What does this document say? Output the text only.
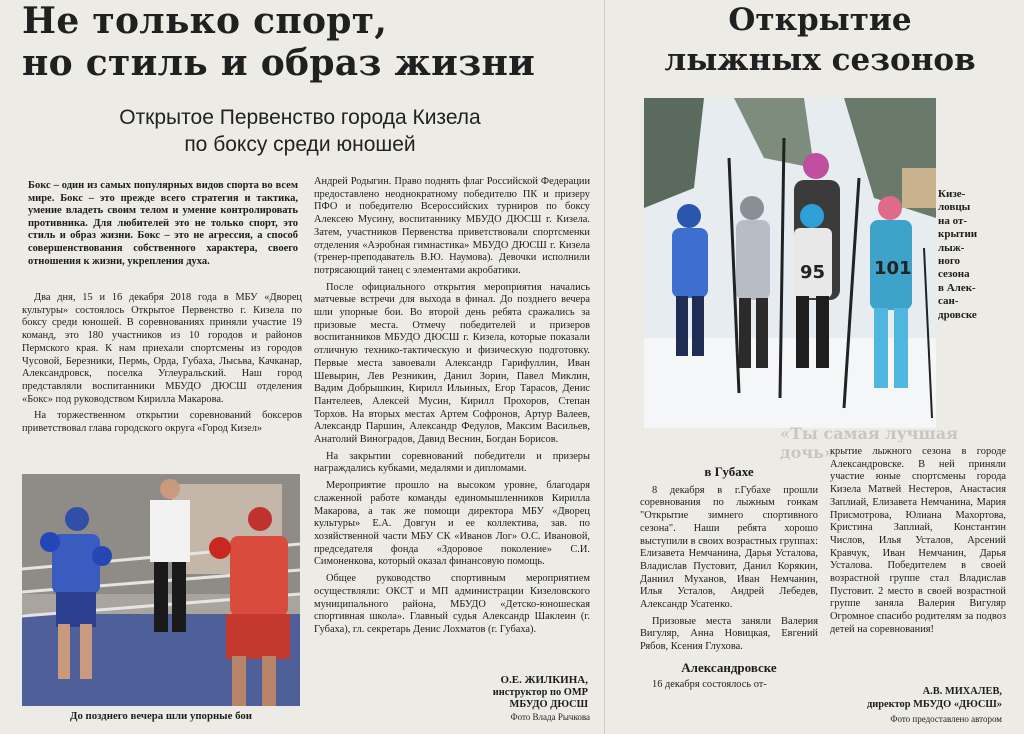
Не только спорт,
но стиль и образ жизни
Открытое Первенство города Кизела
по боксу среди юношей
Бокс – один из самых популярных видов спорта во всем мире. Бокс – это прежде всего стратегия и тактика, умение владеть своим телом и умение контролировать противника. Для любителей это не только спорт, это стиль и образ жизни. Бокс – это не агрессия, а способ совершенствования собственного характера, своего отношения к жизни, укрепления духа.

Два дня, 15 и 16 декабря 2018 года в МБУ «Дворец культуры» состоялось Открытое Первенство г. Кизела по боксу среди юношей. В соревнованиях приняли участие 19 команд, это 180 участников из 10 городов и районов Пермского края. К нам приехали спортсмены из городов Чусовой, Березники, Пермь, Орда, Губаха, Лысьва, Качканар, Александровск, поселка Углеуральский. Наш город представляли воспитанники МБУДО ДЮСШ отделения «Бокс» под руководством Кирилла Макарова.

На торжественном открытии соревнований боксеров приветствовал глава городского округа «Город Кизел»

Андрей Родыгин. Право поднять флаг Российской Федерации предоставлено неоднократному победителю ПК и призеру ПФО и победителю Всероссийских турниров по боксу Алексею Мусину, воспитаннику МБУДО ДЮСШ г. Кизела. Затем, участников Первенства приветствовали спортсменки отделения «Аэробная гимнастика» МБУДО ДЮСШ г. Кизела (тренер-преподаватель В.Ю. Наумова). Девочки исполнили потрясающий танец с элементами акробатики.

После официального открытия мероприятия начались матчевые встречи для выхода в финал. До позднего вечера шли упорные бои. Во второй день ребята сражались за призовые места. Отмечу победителей и призеров воспитанников МБУДО ДЮСШ г. Кизела, которые показали отличную технико-тактическую и физическую подготовку. Первые места завоевали Александр Гарифуллин, Иван Шевырин, Лев Резникин, Данил Зорин, Павел Миклин, Вадим Добрышкин, Кирилл Ильиных, Егор Тарасов, Денис Пантелеев, Алексей Мусин, Кирилл Прохоров, Степан Торхов. На вторых местах Артем Софронов, Артур Валеев, Александр Паршин, Александр Федулов, Максим Васильев, Анатолий Виноградов, Давид Веснин, Богдан Борисов.

На закрытии соревнований победители и призеры награждались кубками, медалями и дипломами.

Мероприятие прошло на высоком уровне, благодаря слаженной работе команды единомышленников Кирилла Макарова, а так же помощи директора МБУ «Дворец культуры» Е.А. Довгун и ее коллектива, зав. по хозяйственной части МБУ СК «Иванов Лог» О.С. Ивановой, председателя фонда «Здоровое поколение» С.И. Симоненкова, который оказал финансовую помощь.

Общее руководство спортивным мероприятием осуществляли: ОКСТ и МП администрации Кизеловского муниципального района, МБУДО «Детско-юношеская спортивная школа». Главный судья Александр Шаклеин (г. Губаха), гл. секретарь Денис Лохматов (г. Губаха).

О.Е. ЖИЛКИНА,
инструктор по ОМР
МБУДО ДЮСШ
До позднего вечера шли упорные бои	Фото Влада Рычкова
Открытие
лыжных сезонов
95	101
Кизе-
ловцы
на от-
крытии
лыж-
ного
сезона
в Алек-
сан-
дровске
«Ты самая лучшая дочь»
в Губахе

8 декабря в г.Губахе прошли соревнования по лыжным гонкам "Открытие зимнего спортивного сезона". Наши ребята хорошо выступили в своих возрастных группах: Елизавета Немчанина, Дарья Усталова, Владислав Пустовит, Данил Корякин, Даниил Муханов, Иван Немчанин, Илья Усталов, Андрей Лебедев, Александр Усатенко.

Призовые места заняли Валерия Вигуляр, Анна Новицкая, Евгений Рябов, Ксения Глухова.

Александровске

16 декабря состоялось от-

крытие лыжного сезона в городе Александровске. В ней приняли участие юные спортсмены города Кизела Матвей Нестеров, Анастасия Заплиай, Елизавета Немчанина, Мария Присмотрова, Юлиана Махортова, Кристина Заплиай, Константин Числов, Илья Усталов, Арсений Кравчук, Иван Немчанин, Дарья Усталова. Победителем в своей возрастной группе стал Владислав Пустовит. 2 место в своей возрастной группе заняла Валерия Вигуляр Огромное спасибо родителям за подвоз детей на соревнования!

А.В. МИХАЛЕВ,
директор МБУДО «ДЮСШ»
Фото предоставлено автором
